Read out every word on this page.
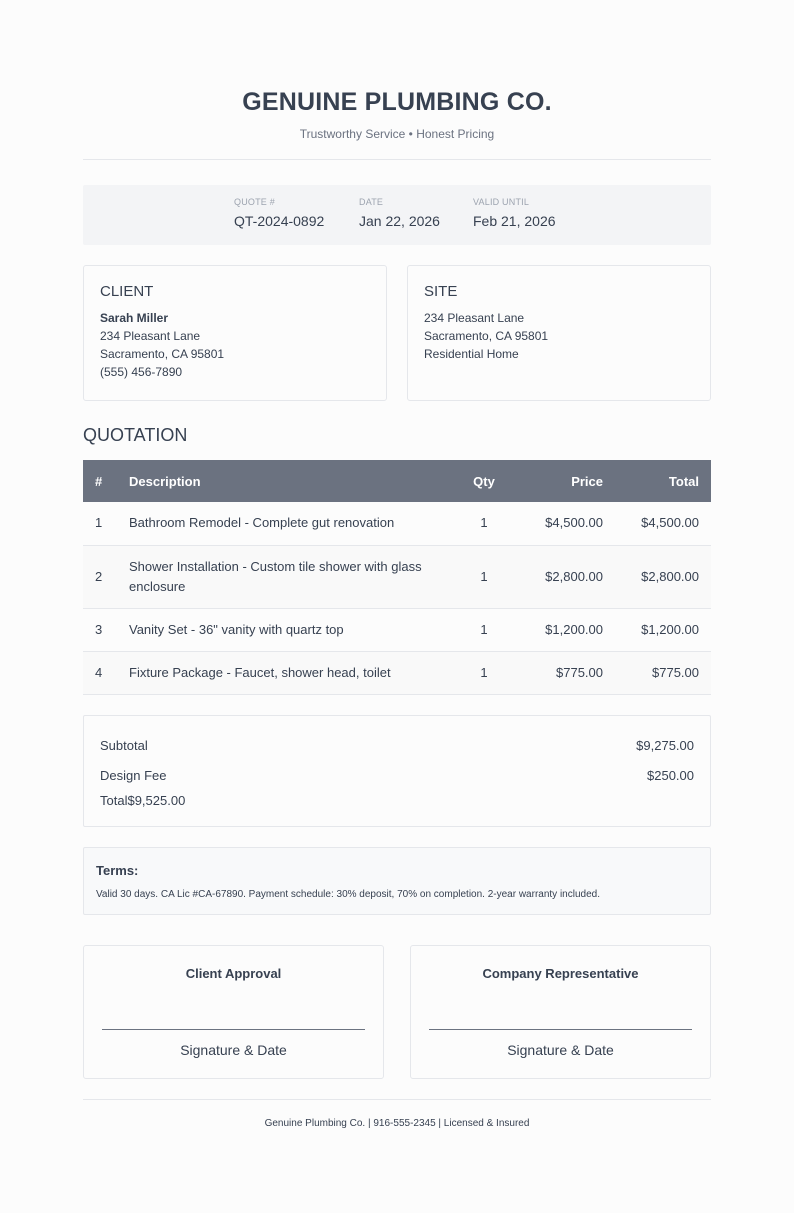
GENUINE PLUMBING CO.
Trustworthy Service • Honest Pricing
QUOTE #
QT-2024-0892
DATE
Jan 22, 2026
VALID UNTIL
Feb 21, 2026
CLIENT
Sarah Miller
234 Pleasant Lane
Sacramento, CA 95801
(555) 456-7890
SITE
234 Pleasant Lane
Sacramento, CA 95801
Residential Home
QUOTATION
#	Description	Qty	Price	Total
1	Bathroom Remodel - Complete gut renovation	1	$4,500.00	$4,500.00
2	Shower Installation - Custom tile shower with glass enclosure	1	$2,800.00	$2,800.00
3	Vanity Set - 36" vanity with quartz top	1	$1,200.00	$1,200.00
4	Fixture Package - Faucet, shower head, toilet	1	$775.00	$775.00
Subtotal	$9,275.00
Design Fee	$250.00
Total$9,525.00
Terms:
Valid 30 days. CA Lic #CA-67890. Payment schedule: 30% deposit, 70% on completion. 2-year warranty included.
Client Approval
Signature & Date
Company Representative
Signature & Date
Genuine Plumbing Co. | 916-555-2345 | Licensed & Insured
